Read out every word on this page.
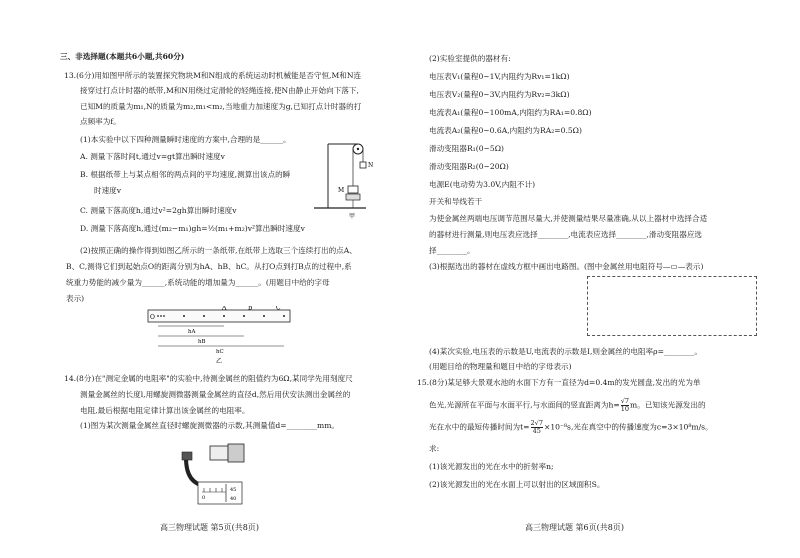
三、非选择题(本题共6小题,共60分)
13.(6分)用如图甲所示的装置探究物块M和N组成的系统运动时机械能是否守恒,M和N连
接穿过打点计时器的纸带,M和N用绕过定滑轮的轻绳连接,使N由静止开始向下落下,
已知M的质量为m₁,N的质量为m₂,m₁<m₂,当地重力加速度为g,已知打点计时器的打
点频率为f。
(1)本实验中以下四种测量瞬时速度的方案中,合理的是______。
A. 测量下落时间t,通过v=gt算出瞬时速度v
B. 根据纸带上与某点相邻的两点间的平均速度,测算出该点的瞬
时速度v
C. 测量下落高度h,通过v²=2gh算出瞬时速度v
D. 测量下落高度h,通过(m₂−m₁)gh=½(m₁+m₂)v²算出瞬时速度v
(2)按照正确的操作得到如图乙所示的一条纸带,在纸带上选取三个连续打出的点A、
B、C,测得它们到起始点O的距离分别为hA、hB、hC。从打O点到打B点的过程中,系
统重力势能的减少量为______,系统动能的增加量为______。(用题目中给的字母
表示)
N
M
甲
O
A	B	C
hA
hB
hC
乙
14.(8分)在"测定金属的电阻率"的实验中,待测金属丝的阻值约为6Ω,某同学先用刻度尺
测量金属丝的长度l,用螺旋测微器测量金属丝的直径d,然后用伏安法测出金属丝的
电阻,最后根据电阻定律计算出该金属丝的电阻率。
(1)图为某次测量金属丝直径时螺旋测微器的示数,其测量值d=________mm。
0
45
40
高三物理试题 第5页(共8页)
(2)实验室提供的器材有:
电压表V₁(量程0~1V,内阻约为Rv₁=1kΩ)
电压表V₂(量程0~3V,内阻约为Rv₂=3kΩ)
电流表A₁(量程0~100mA,内阻约为RA₁=0.8Ω)
电流表A₂(量程0~0.6A,内阻约为RA₂=0.5Ω)
滑动变阻器R₁(0~5Ω)
滑动变阻器R₂(0~20Ω)
电源E(电动势为3.0V,内阻不计)
开关和导线若干
为使金属丝两端电压调节范围尽量大,并使测量结果尽量准确,从以上器材中选择合适
的器材进行测量,则电压表应选择________,电流表应选择________,滑动变阻器应选
择________。
(3)根据选出的器材在虚线方框中画出电路图。(图中金属丝用电阻符号—▭—表示)
(4)某次实验,电压表的示数是U,电流表的示数是I,则金属丝的电阻率ρ=________。
(用题目给的物理量和题目中给的字母表示)
15.(8分)某足够大景观水池的水面下方有一直径为d=0.4m的发光圆盘,发出的光为单
色光,光源所在平面与水面平行,与水面间的竖直距离为$h= \frac{√7}{10}$ m。已知该光源发出的
光在水中的最短传播时间为$t= \frac{2√7}{45} \times 10^{-8}s$,光在真空中的传播速度为c=3×10⁸m/s。
求:
(1)该光源发出的光在水中的折射率n;
(2)该光源发出的光在水面上可以射出的区域面积S。
高三物理试题 第6页(共8页)
